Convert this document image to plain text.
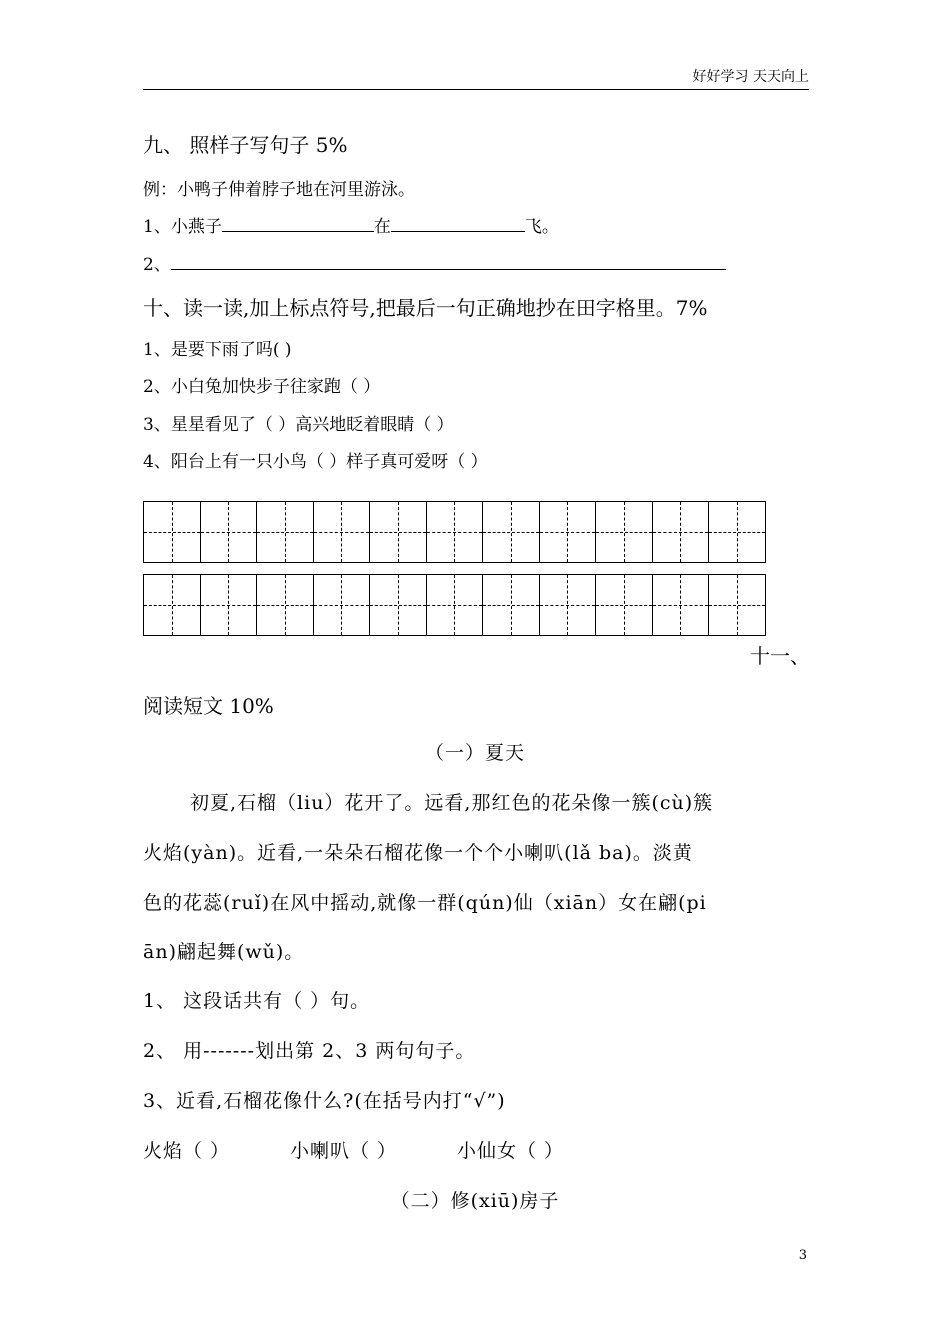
好好学习 天天向上
九、 照样子写句子 5%
例：小鸭子伸着脖子地在河里游泳。
1、小燕子	在	飞。
2、
十、读一读,加上标点符号,把最后一句正确地抄在田字格里。7%
1、是要下雨了吗( )
2、小白兔加快步子往家跑（ ）
3、星星看见了（ ）高兴地眨着眼睛（ ）
4、阳台上有一只小鸟（ ）样子真可爱呀（ ）
十一、
阅读短文 10%
（一）夏天
初夏,石榴（liu）花开了。远看,那红色的花朵像一簇(cù)簇
火焰(yàn)。近看,一朵朵石榴花像一个个小喇叭(lǎ ba)。淡黄
色的花蕊(ruǐ)在风中摇动,就像一群(qún)仙（xiān）女在翩(pi
ān)翩起舞(wǔ)。
1、 这段话共有（ ）句。
2、 用-------划出第 2、3 两句句子。
3、近看,石榴花像什么?(在括号内打“√”)
火焰（ ）	小喇叭（ ）	小仙女（ ）
（二）修(xiū)房子
3
